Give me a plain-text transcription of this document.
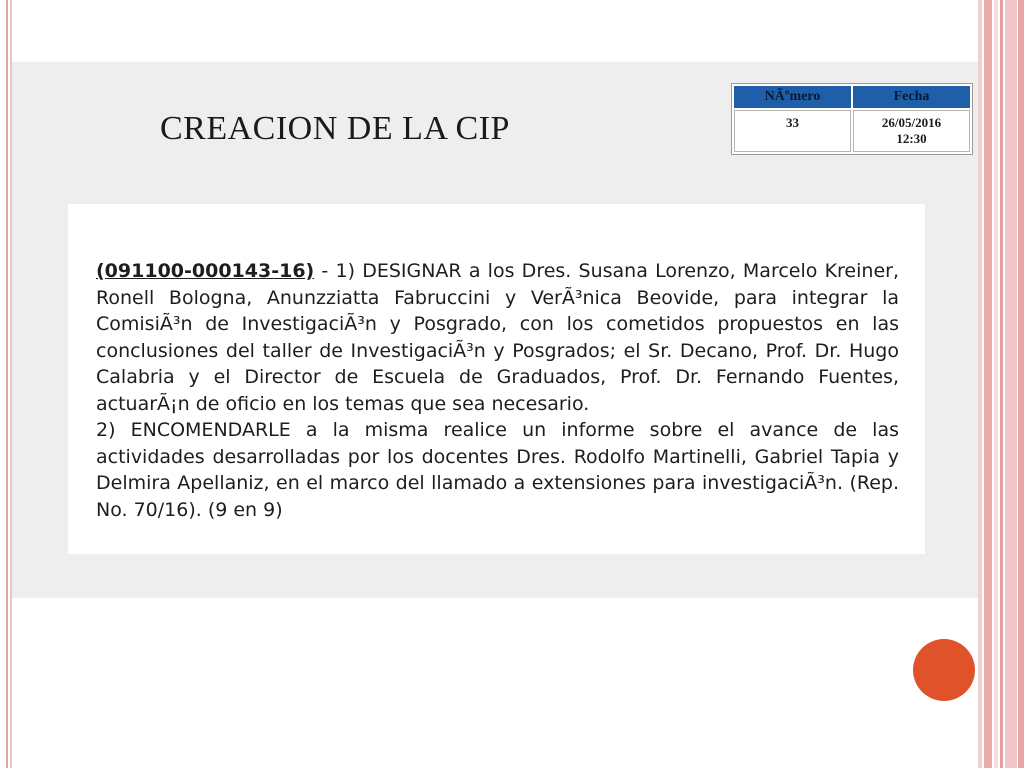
CREACION DE LA CIP
NÃºmero	Fecha
33	26/05/2016
12:30

(091100-000143-16) - 1) DESIGNAR a los Dres. Susana Lorenzo, Marcelo Kreiner, Ronell Bologna, Anunzziatta Fabruccini y VerÃ³nica Beovide, para integrar la ComisiÃ³n de InvestigaciÃ³n y Posgrado, con los cometidos propuestos en las conclusiones del taller de InvestigaciÃ³n y Posgrados; el Sr. Decano, Prof. Dr. Hugo Calabria y el Director de Escuela de Graduados, Prof. Dr. Fernando Fuentes, actuarÃ¡n de oficio en los temas que sea necesario.
2) ENCOMENDARLE a la misma realice un informe sobre el avance de las actividades desarrolladas por los docentes Dres. Rodolfo Martinelli, Gabriel Tapia y Delmira Apellaniz, en el marco del llamado a extensiones para investigaciÃ³n. (Rep. No. 70/16). (9 en 9)
